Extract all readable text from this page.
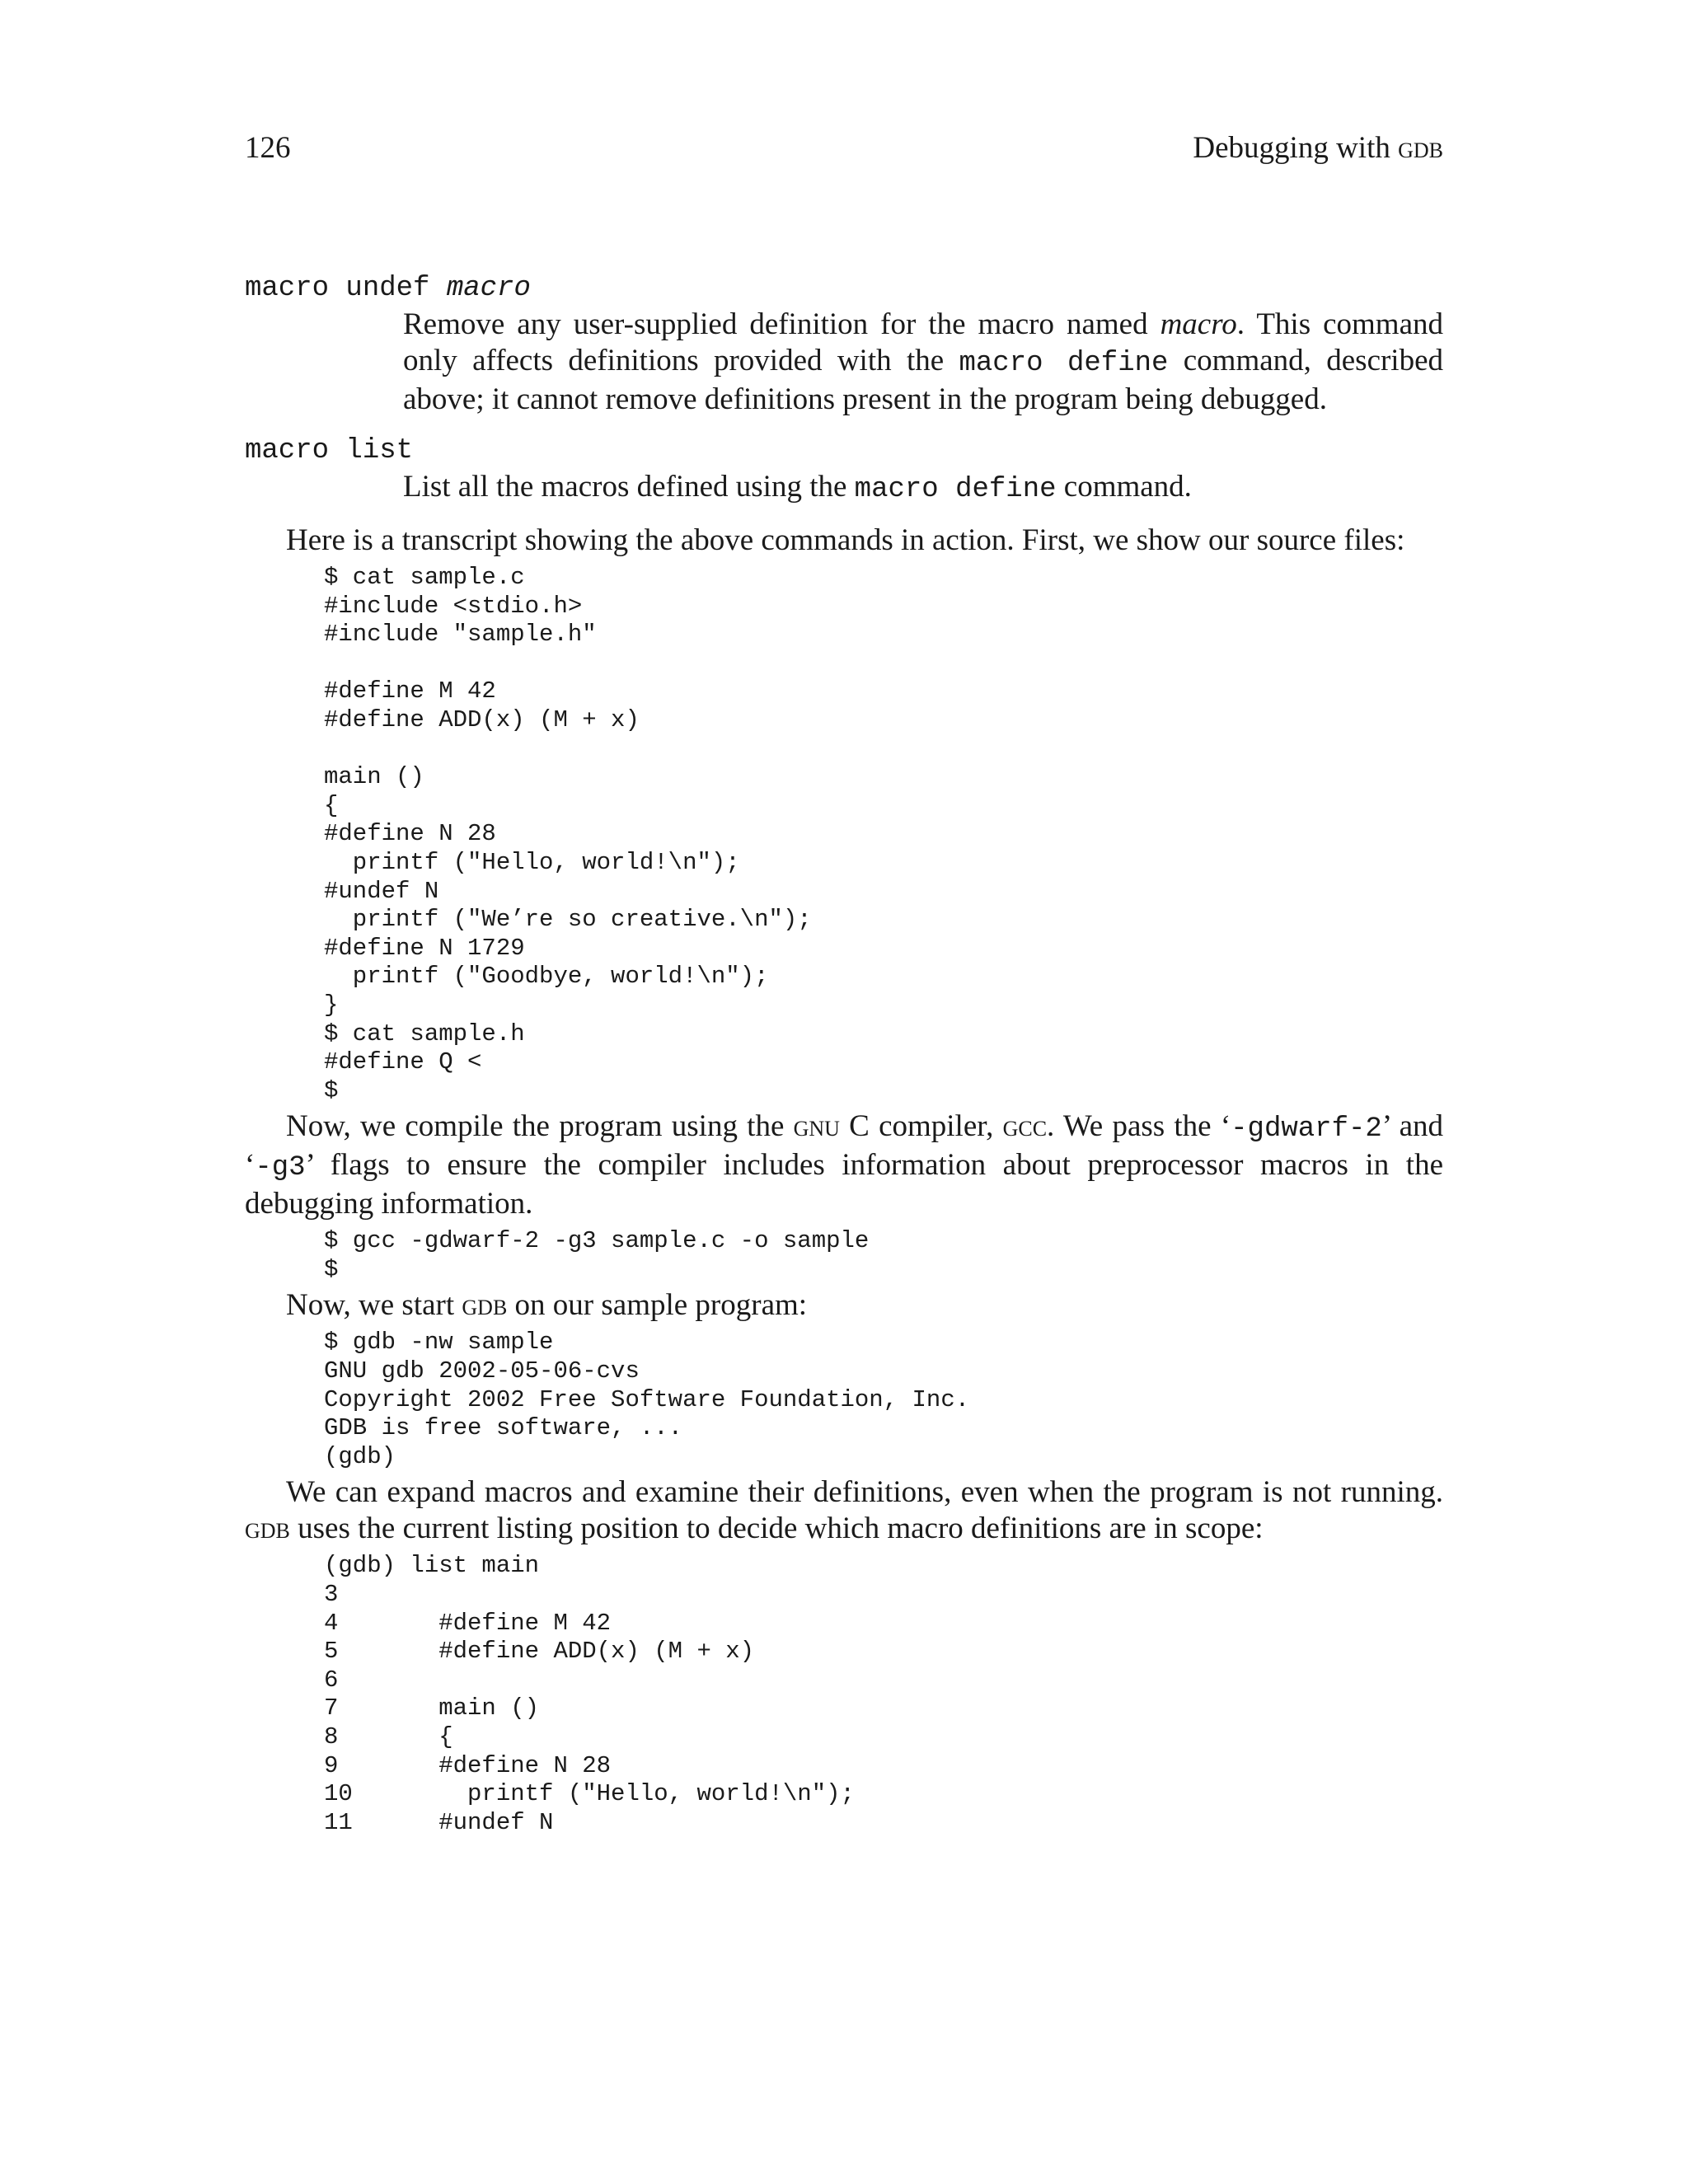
126	Debugging with gdb
macro undef macro

Remove any user-supplied definition for the macro named macro. This command only affects definitions provided with the macro define command, described above; it cannot remove definitions present in the program being debugged.

macro list

List all the macros defined using the macro define command.

Here is a transcript showing the above commands in action. First, we show our source files:

$ cat sample.c
#include <stdio.h>
#include "sample.h"

#define M 42
#define ADD(x) (M + x)

main ()
{
#define N 28
printf ("Hello, world!\n");
#undef N
printf ("We’re so creative.\n");
#define N 1729
printf ("Goodbye, world!\n");
}
$ cat sample.h
#define Q <
$

Now, we compile the program using the gnu C compiler, gcc. We pass the ‘-gdwarf-2’ and ‘-g3’ flags to ensure the compiler includes information about preprocessor macros in the debugging information.

$ gcc -gdwarf-2 -g3 sample.c -o sample
$

Now, we start gdb on our sample program:

$ gdb -nw sample
GNU gdb 2002-05-06-cvs
Copyright 2002 Free Software Foundation, Inc.
GDB is free software, ...
(gdb)

We can expand macros and examine their definitions, even when the program is not running. gdb uses the current listing position to decide which macro definitions are in scope:

(gdb) list main
3
4       #define M 42
5       #define ADD(x) (M + x)
6
7       main ()
8       {
9       #define N 28
10        printf ("Hello, world!\n");
11      #undef N
